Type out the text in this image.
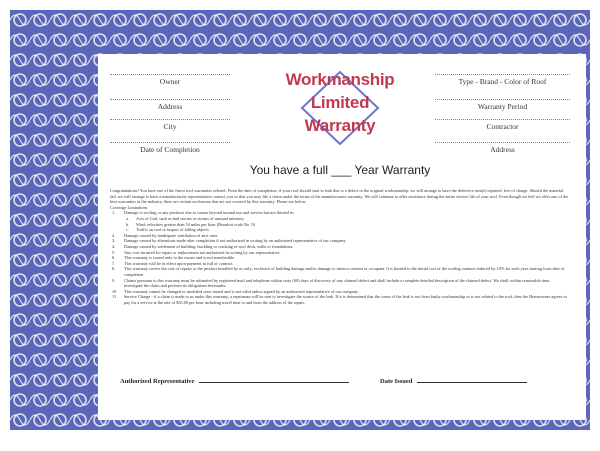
Owner
Address
City
Date of Completion
Type - Brand - Color of Roof
Warranty Period
Contractor
Address
Workmanship
Limited
Warranty
You have a full ___ Year Warranty

Congratulations! You have one of the finest roof warranties offered. From the date of completion, if your roof should start to leak due to a defect in the original workmanship, we will arrange to have the defective area(s) repaired, free of charge. Should the material fail, we will arrange to have a manufacturers representative contact you so that you may file a claim under the terms of the manufacturers warranty. We will continue to offer assistance during the entire service life of your roof. Even though we feel we offer one of the best warranties in the industry, there are certain exclusions that are not covered by this warranty. Please see below.

Coverage Limitations

1. Damage to roofing or any products due to causes beyond normal use and service but not limited to:
a. Acts of God, such as hail storms or storms of unusual intensity.
b. Wind velocities greater than 54 miles per hour (Beaufort scale No. 9)
c. Traffic on roof or impact of falling objects
2. Damage caused by inadequate ventilation of attic area.
3. Damage caused by alterations made after completion if not authorized in writing by an authorized representative of our company.
4. Damage caused by settlement of building, buckling or cracking of roof deck, walls or foundations.
5. Any cost incurred for repair or replacement not authorized in writing by our representative.
6. This warranty is issued only to the owner and is not transferable
7. This warranty will be in effect upon payment in full of contract.
8. This warranty covers the cost of repairs to the product installed by us only; exclusive of building damage and/or damage to interior content or occupant. It is limited to the initial cost of the roofing contract reduced by 10% for each year starting from date of completion
9. Claims pursuant to this warranty must be submitted by registered mail and telephone within sixty (60) days of discovery of any claimed defect and shall include a complete detailed description of the claimed defect. We shall, within reasonable time, investigate the claim and perform its obligations hereunder.
10 This warranty cannot be changed or modified once issued and is not valid unless signed by an authorized representative of our company.
11 Service Charge - if a claim is made to us under this warranty, a repairman will be sent to investigate the source of the leak. If it is determined that the cause of the leak is not from faulty workmanship or is not related to the roof, then the Homeowner agrees to pay for a service at the rate of $35.00 per hour including travel time to and from the address of the repair.
Authorized Representative	Date Issued
